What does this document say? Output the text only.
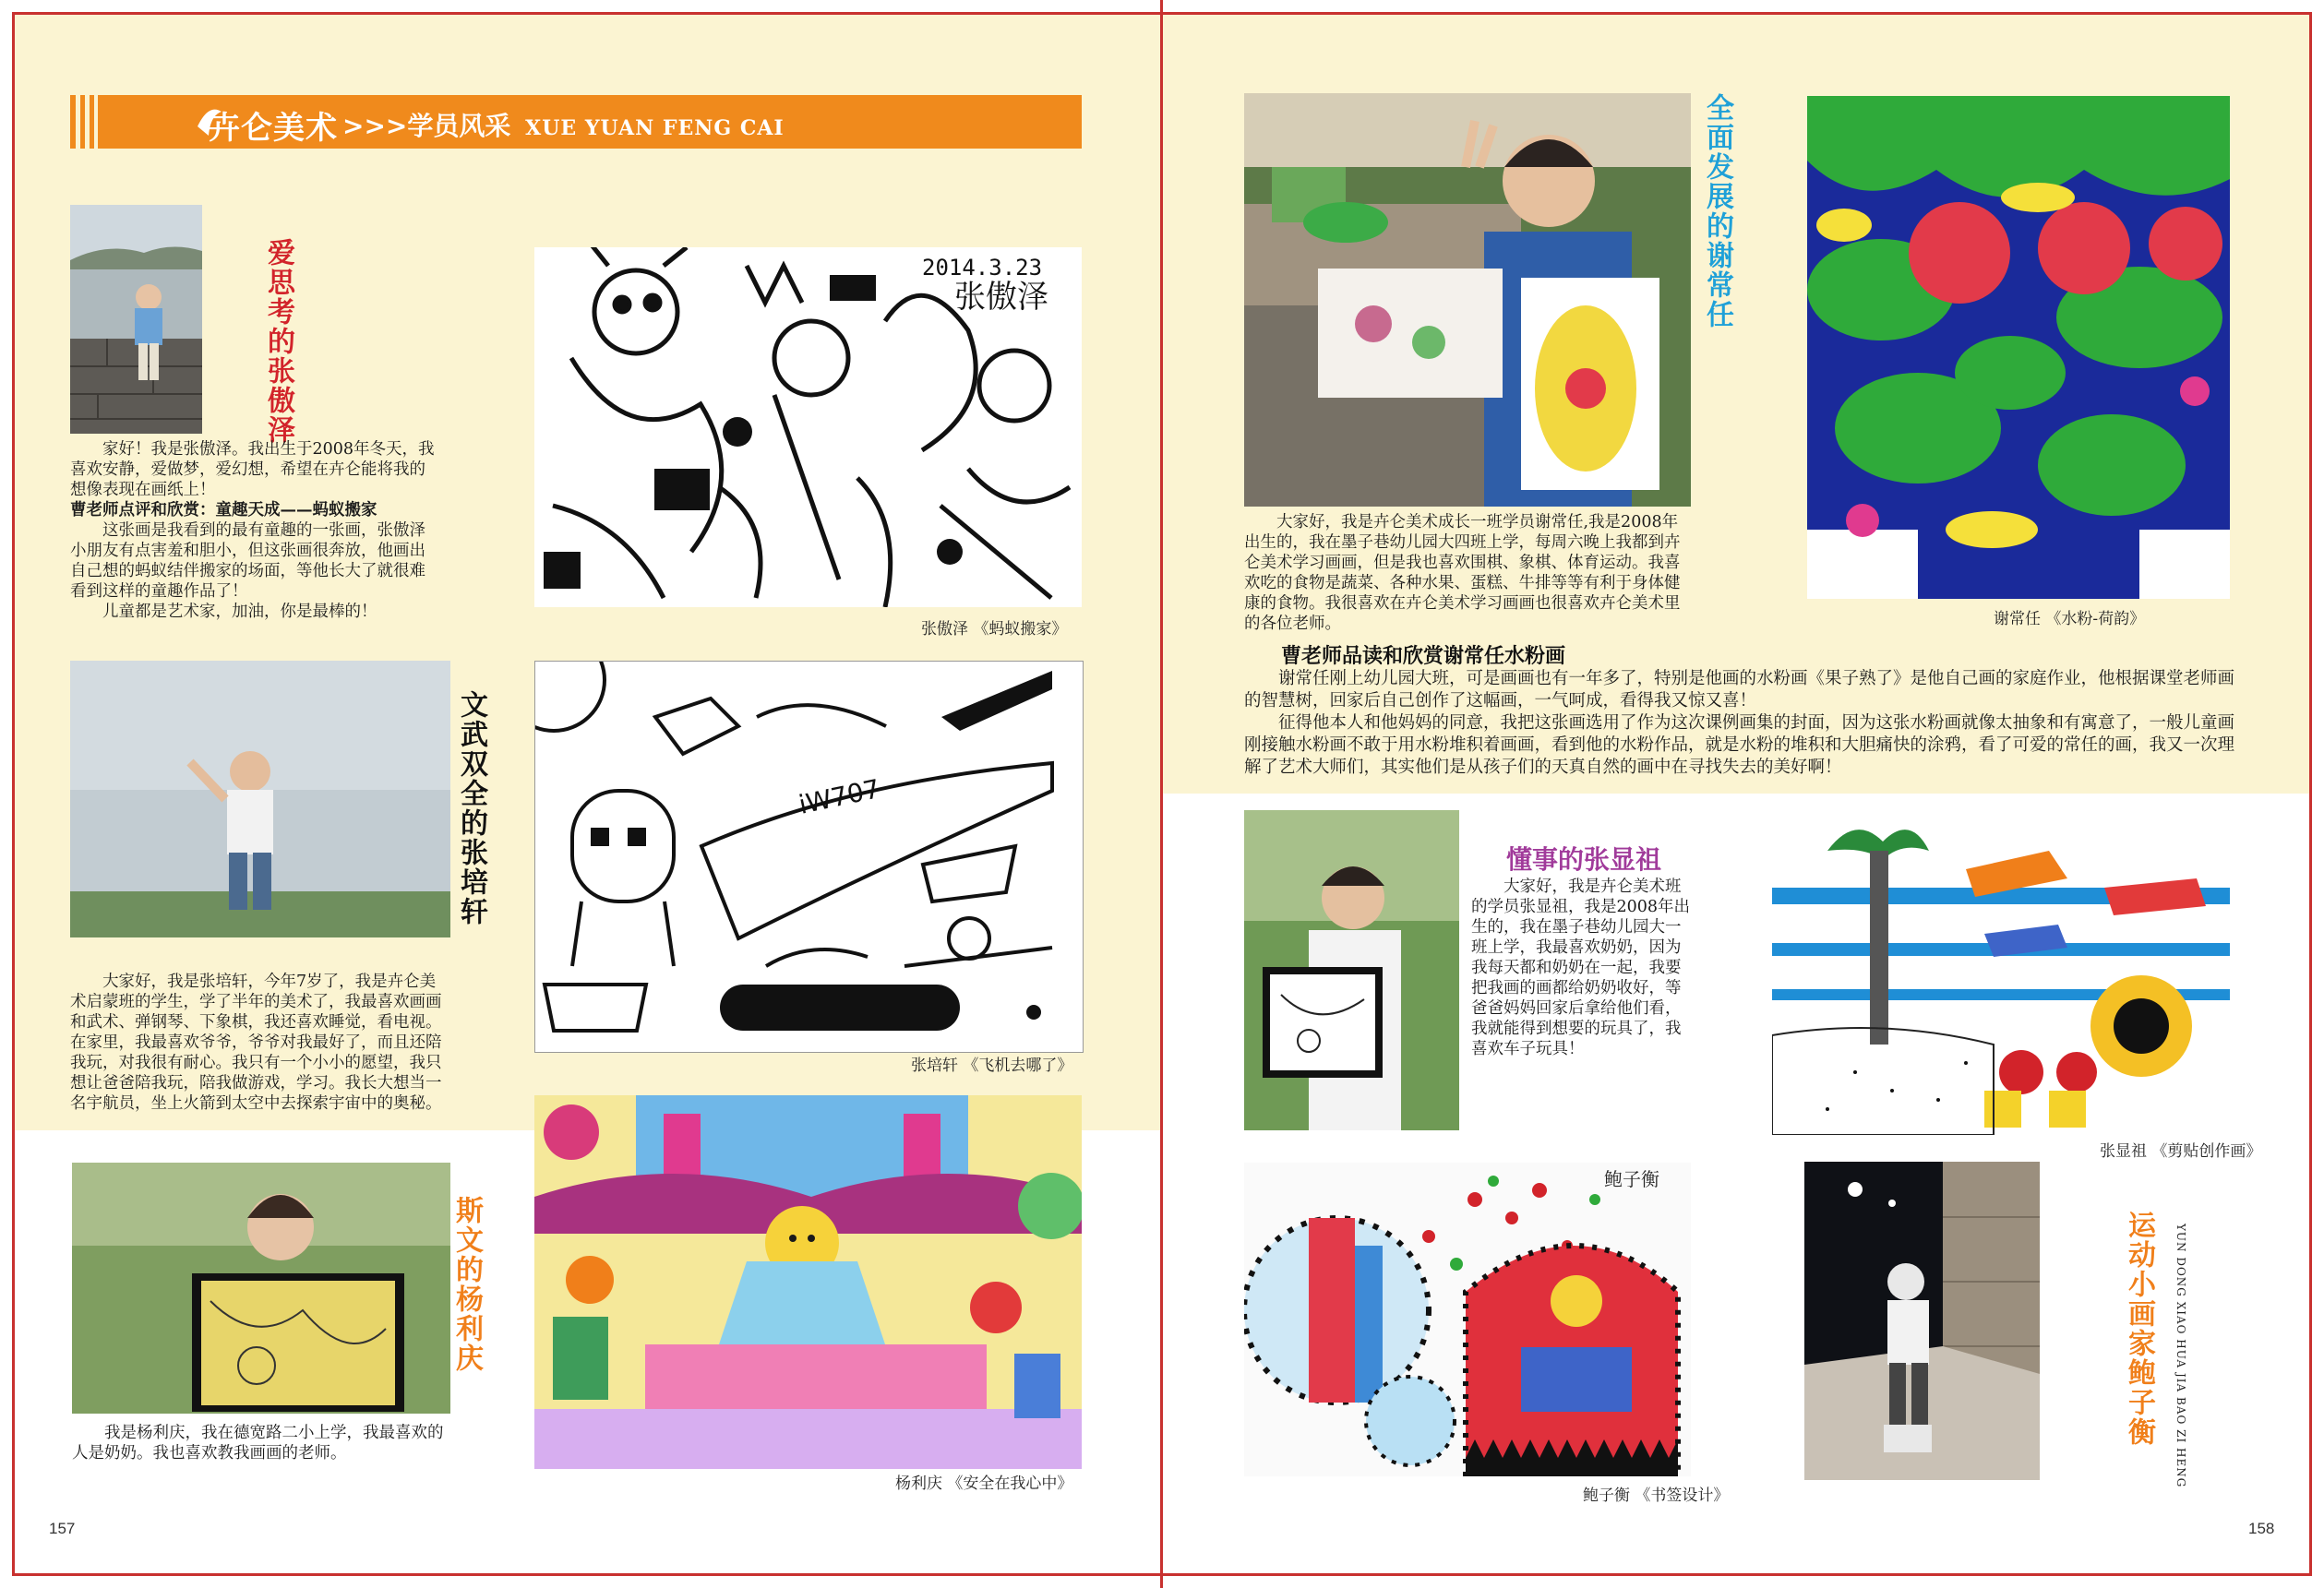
卉仑美术 >>>学员风采 XUE YUAN FENG CAI
爱思考的张傲泽

家好！我是张傲泽。我出生于2008年冬天，我喜欢安静，爱做梦，爱幻想，希望在卉仑能将我的想像表现在画纸上！

曹老师点评和欣赏：童趣天成——蚂蚁搬家

这张画是我看到的最有童趣的一张画，张傲泽小朋友有点害羞和胆小，但这张画很奔放，他画出自己想的蚂蚁结伴搬家的场面，等他长大了就很难看到这样的童趣作品了！

儿童都是艺术家，加油，你是最棒的！

2014.3.23
张傲泽
张傲泽 《蚂蚁搬家》
文武双全的张培轩

大家好，我是张培轩，今年7岁了，我是卉仑美术启蒙班的学生，学了半年的美术了，我最喜欢画画和武术、弹钢琴、下象棋，我还喜欢睡觉，看电视。在家里，我最喜欢爷爷，爷爷对我最好了，而且还陪我玩，对我很有耐心。我只有一个小小的愿望，我只想让爸爸陪我玩，陪我做游戏，学习。我长大想当一名宇航员，坐上火箭到太空中去探索宇宙中的奥秘。

iW707
张培轩 《飞机去哪了》
斯文的杨利庆

我是杨利庆，我在德宽路二小上学，我最喜欢的人是奶奶。我也喜欢教我画画的老师。

杨利庆 《安全在我心中》
157
全面发展的谢常任

大家好，我是卉仑美术成长一班学员谢常任,我是2008年出生的，我在墨子巷幼儿园大四班上学，每周六晚上我都到卉仑美术学习画画，但是我也喜欢围棋、象棋、体育运动。我喜欢吃的食物是蔬菜、各种水果、蛋糕、牛排等等有利于身体健康的食物。我很喜欢在卉仑美术学习画画也很喜欢卉仑美术里的各位老师。	谢常任 《水粉-荷韵》
曹老师品读和欣赏谢常任水粉画

谢常任刚上幼儿园大班，可是画画也有一年多了，特别是他画的水粉画《果子熟了》是他自己画的家庭作业，他根据课堂老师画的智慧树，回家后自己创作了这幅画，一气呵成，看得我又惊又喜！

征得他本人和他妈妈的同意，我把这张画选用了作为这次课例画集的封面，因为这张水粉画就像太抽象和有寓意了，一般儿童画刚接触水粉画不敢于用水粉堆积着画画，看到他的水粉作品，就是水粉的堆积和大胆痛快的涂鸦，看了可爱的常任的画，我又一次理解了艺术大师们，其实他们是从孩子们的天真自然的画中在寻找失去的美好啊！

懂事的张显祖

大家好，我是卉仑美术班的学员张显祖，我是2008年出生的，我在墨子巷幼儿园大一班上学，我最喜欢奶奶，因为我每天都和奶奶在一起，我要把我画的画都给奶奶收好，等爸爸妈妈回家后拿给他们看，我就能得到想要的玩具了，我喜欢车子玩具！

张显祖 《剪贴创作画》
鲍子衡
鲍子衡 《书签设计》
运动小画家鲍子衡 YUN DONG XIAO HUA JIA BAO ZI HENG
158
